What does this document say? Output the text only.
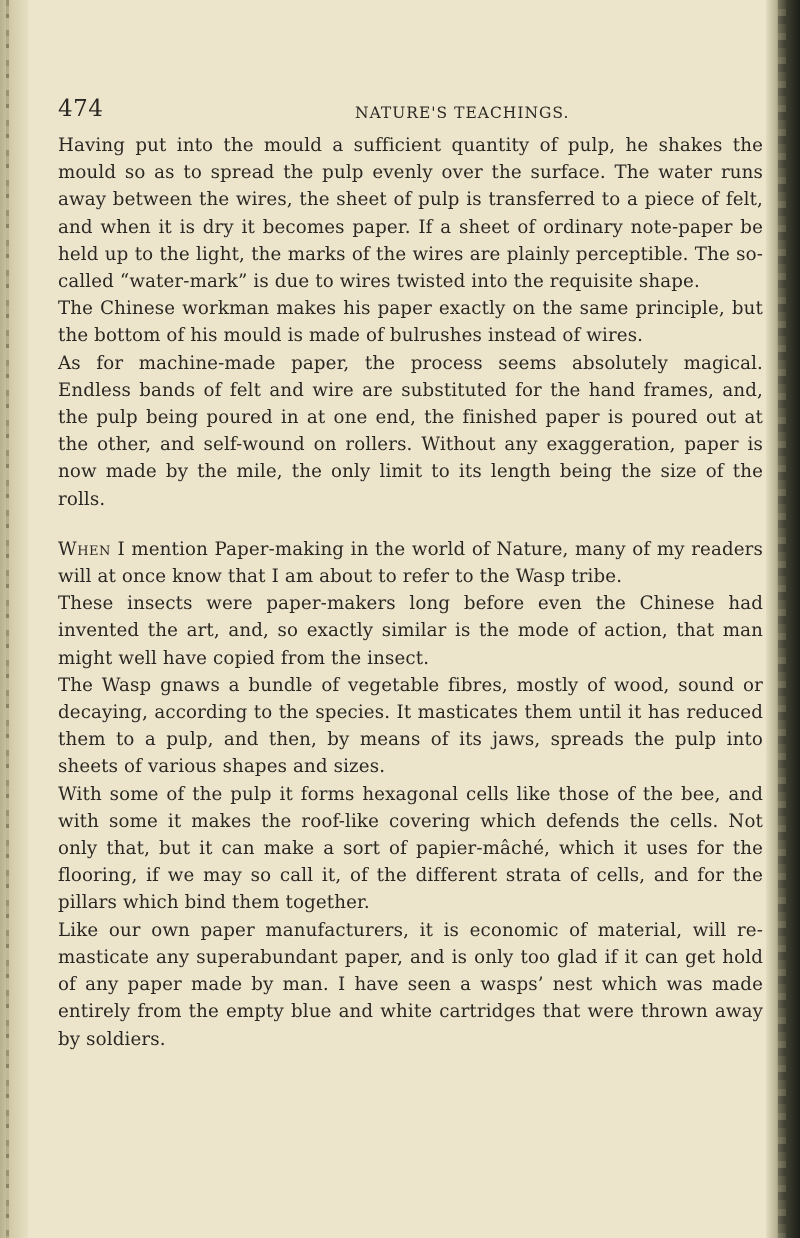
474	NATURE'S TEACHINGS.

Having put into the mould a sufficient quantity of pulp, he shakes the mould so as to spread the pulp evenly over the surface. The water runs away between the wires, the sheet of pulp is transferred to a piece of felt, and when it is dry it becomes paper. If a sheet of ordinary note-paper be held up to the light, the marks of the wires are plainly perceptible. The so-called “water-mark” is due to wires twisted into the requisite shape.

The Chinese workman makes his paper exactly on the same principle, but the bottom of his mould is made of bulrushes instead of wires.

As for machine-made paper, the process seems absolutely magical. Endless bands of felt and wire are substituted for the hand frames, and, the pulp being poured in at one end, the finished paper is poured out at the other, and self-wound on rollers. Without any exaggeration, paper is now made by the mile, the only limit to its length being the size of the rolls.

When I mention Paper-making in the world of Nature, many of my readers will at once know that I am about to refer to the Wasp tribe.

These insects were paper-makers long before even the Chinese had invented the art, and, so exactly similar is the mode of action, that man might well have copied from the insect.

The Wasp gnaws a bundle of vegetable fibres, mostly of wood, sound or decaying, according to the species. It masticates them until it has reduced them to a pulp, and then, by means of its jaws, spreads the pulp into sheets of various shapes and sizes.

With some of the pulp it forms hexagonal cells like those of the bee, and with some it makes the roof-like covering which defends the cells. Not only that, but it can make a sort of papier-mâché, which it uses for the flooring, if we may so call it, of the different strata of cells, and for the pillars which bind them together.

Like our own paper manufacturers, it is economic of material, will re-masticate any superabundant paper, and is only too glad if it can get hold of any paper made by man. I have seen a wasps’ nest which was made entirely from the empty blue and white cartridges that were thrown away by soldiers.
